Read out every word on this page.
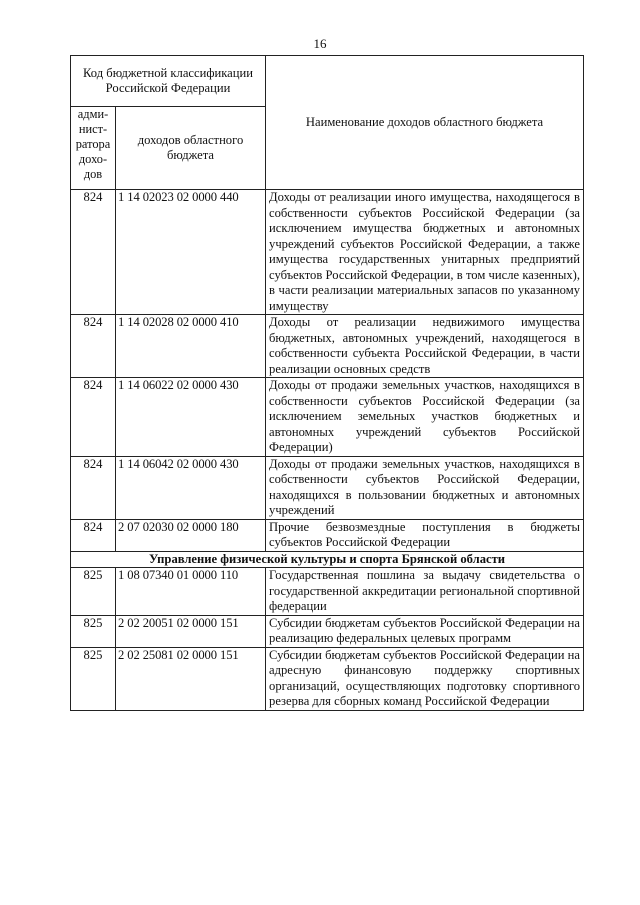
16
Код бюджетной классификации Российской Федерации		Наименование доходов областного бюджета
адми-нист-ратора дохо-дов	доходов областного бюджета	
824	1 14 02023 02 0000 440	Доходы от реализации иного имущества, находящегося в собственности субъектов Российской Федерации (за исключением имущества бюджетных и автономных учреждений субъектов Российской Федерации, а также имущества государственных унитарных предприятий субъектов Российской Федерации, в том числе казенных), в части реализации материальных запасов по указанному имуществу
824	1 14 02028 02 0000 410	Доходы от реализации недвижимого имущества бюджетных, автономных учреждений, находящегося в собственности субъекта Российской Федерации, в части реализации основных средств
824	1 14 06022 02 0000 430	Доходы от продажи земельных участков, находящихся в собственности субъектов Российской Федерации (за исключением земельных участков бюджетных и автономных учреждений субъектов Российской Федерации)
824	1 14 06042 02 0000 430	Доходы от продажи земельных участков, находящихся в собственности субъектов Российской Федерации, находящихся в пользовании бюджетных и автономных учреждений
824	2 07 02030 02 0000 180	Прочие безвозмездные поступления в бюджеты субъектов Российской Федерации
Управление физической культуры и спорта Брянской области		
825	1 08 07340 01 0000 110	Государственная пошлина за выдачу свидетельства о государственной аккредитации региональной спортивной федерации
825	2 02 20051 02 0000 151	Субсидии бюджетам субъектов Российской Федерации на реализацию федеральных целевых программ
825	2 02 25081 02 0000 151	Субсидии бюджетам субъектов Российской Федерации на адресную финансовую поддержку спортивных организаций, осуществляющих подготовку спортивного резерва для сборных команд Российской Федерации
